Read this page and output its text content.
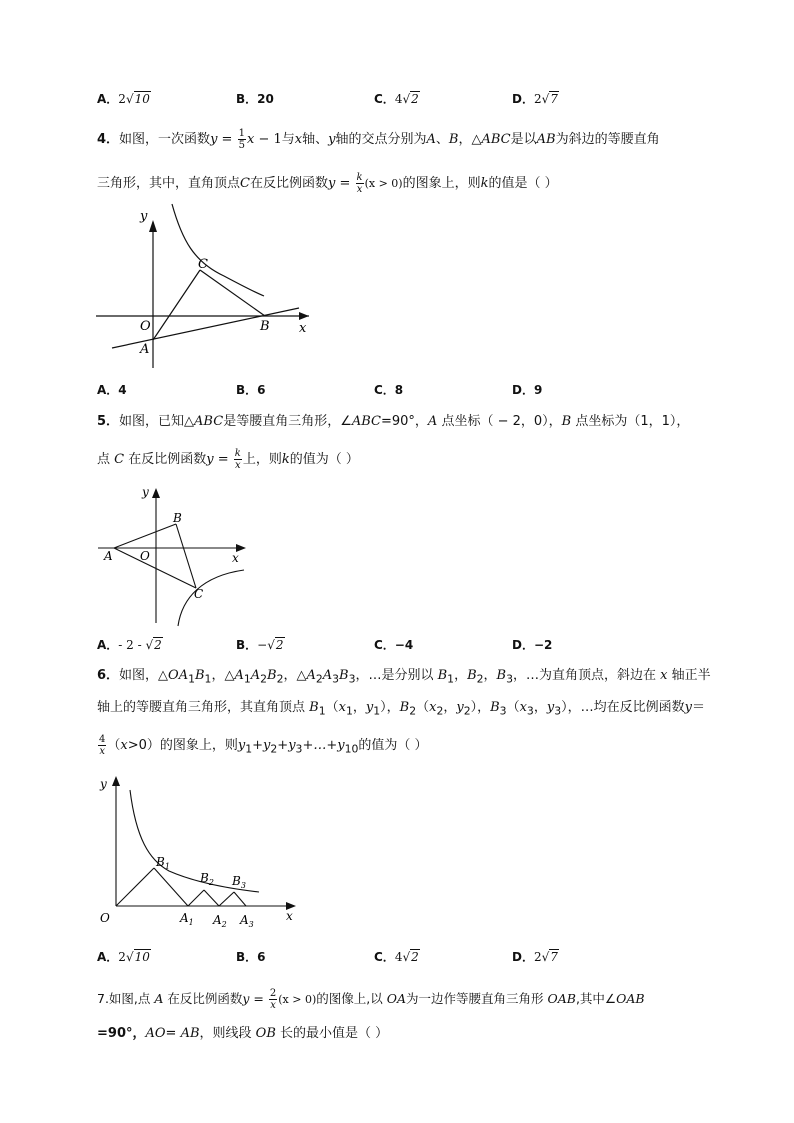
A．2√10	B．20	C．4√2	D．2√7
4．如图，一次函数$y = \frac{1}{5}$ x − 1与x轴、y轴的交点分别为A、B，△ABC是以AB为斜边的等腰直角
三角形，其中，直角顶点C在反比例函数$y = \frac{k}{x} (x > 0)$的图象上，则k的值是（ ）
y
x
O
A
B
C
A．4	B．6	C．8	D．9
5．如图，已知△ABC是等腰直角三角形，∠ABC=90°，A 点坐标（ − 2，0），B 点坐标为（1，1），
点 C 在反比例函数$y = \frac{k}{x}$ 上，则k的值为（ ）
y
x
O
A
B
C
A．- 2 - √2	B．−√2	C．−4	D．−2
6．如图，$\triangle OA_1B_1$，$\triangle A_1A_2B_2$，$\triangle A_2A_3B_3$，…是分别以 $B_1$，$B_2$，$B_3$，…为直角顶点，斜边在 x 轴正半
轴上的等腰直角三角形，其直角顶点 $B_1(x_1$，$y_1$），$B_2(x_2$，$y_2$），$B_3(x_3$，$y_3$），…均在反比例函数y＝
$\frac{4}{x} (x>0)$的图象上，则$y_1+y_2+y_3+\dots+y_{10}$的值为（ ）
y
x
O
$B_1$
$B_2$ $B_3$
$A_1$ $A_2$ $A_3$
A．2√10	B．6	C．4√2	D．2√7
7.如图,点 A 在反比例函数$y = \frac{2}{x} (x > 0)$的图像上,以 OA为一边作等腰直角三角形 OAB,其中∠OAB
=90°，AO= AB，则线段 OB 长的最小值是（ ）
